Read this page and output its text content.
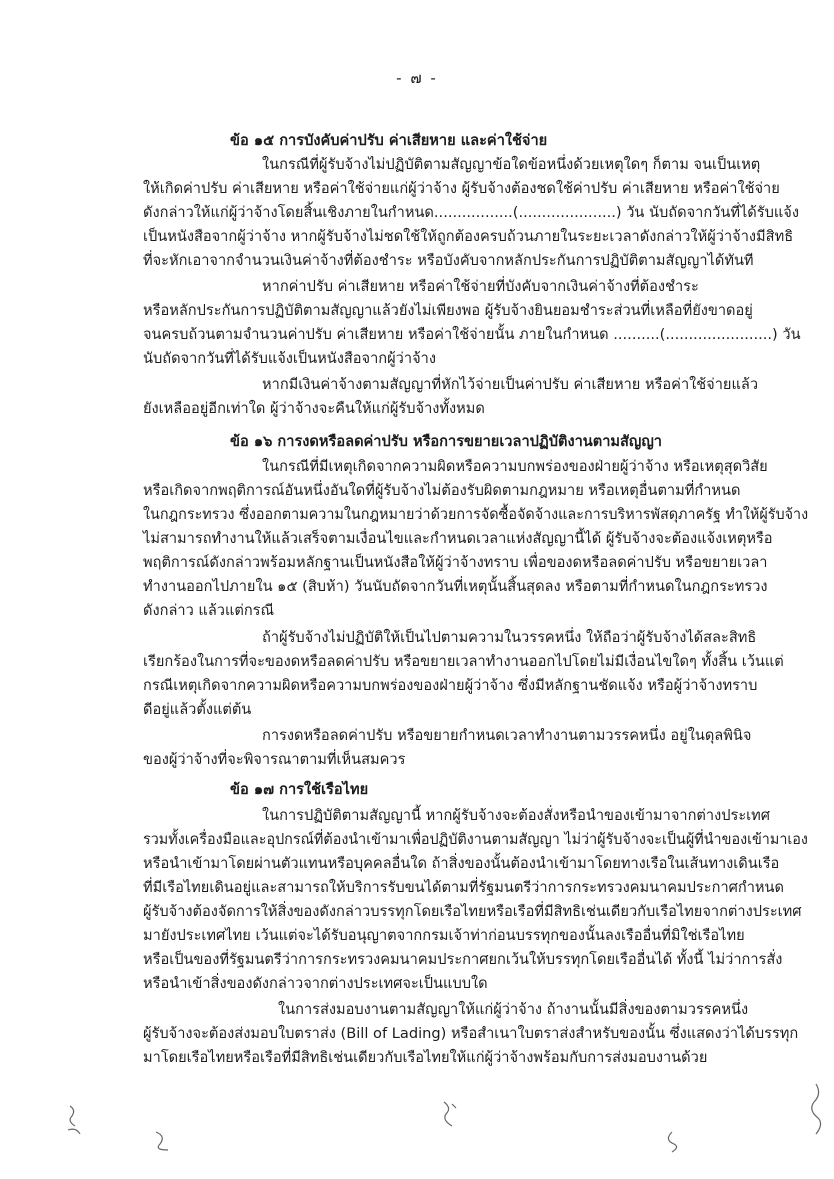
- ๗ -
ข้อ ๑๕ การบังคับค่าปรับ ค่าเสียหาย และค่าใช้จ่าย
ในกรณีที่ผู้รับจ้างไม่ปฏิบัติตามสัญญาข้อใดข้อหนึ่งด้วยเหตุใดๆ ก็ตาม จนเป็นเหตุ
ให้เกิดค่าปรับ ค่าเสียหาย หรือค่าใช้จ่ายแก่ผู้ว่าจ้าง ผู้รับจ้างต้องชดใช้ค่าปรับ ค่าเสียหาย หรือค่าใช้จ่าย
ดังกล่าวให้แก่ผู้ว่าจ้างโดยสิ้นเชิงภายในกำหนด.................(.....................) วัน นับถัดจากวันที่ได้รับแจ้ง
เป็นหนังสือจากผู้ว่าจ้าง หากผู้รับจ้างไม่ชดใช้ให้ถูกต้องครบถ้วนภายในระยะเวลาดังกล่าวให้ผู้ว่าจ้างมีสิทธิ
ที่จะหักเอาจากจำนวนเงินค่าจ้างที่ต้องชำระ หรือบังคับจากหลักประกันการปฏิบัติตามสัญญาได้ทันที
หากค่าปรับ ค่าเสียหาย หรือค่าใช้จ่ายที่บังคับจากเงินค่าจ้างที่ต้องชำระ
หรือหลักประกันการปฏิบัติตามสัญญาแล้วยังไม่เพียงพอ ผู้รับจ้างยินยอมชำระส่วนที่เหลือที่ยังขาดอยู่
จนครบถ้วนตามจำนวนค่าปรับ ค่าเสียหาย หรือค่าใช้จ่ายนั้น ภายในกำหนด ..........(.......................) วัน
นับถัดจากวันที่ได้รับแจ้งเป็นหนังสือจากผู้ว่าจ้าง
หากมีเงินค่าจ้างตามสัญญาที่หักไว้จ่ายเป็นค่าปรับ ค่าเสียหาย หรือค่าใช้จ่ายแล้ว
ยังเหลืออยู่อีกเท่าใด ผู้ว่าจ้างจะคืนให้แก่ผู้รับจ้างทั้งหมด
ข้อ ๑๖ การงดหรือลดค่าปรับ หรือการขยายเวลาปฏิบัติงานตามสัญญา
ในกรณีที่มีเหตุเกิดจากความผิดหรือความบกพร่องของฝ่ายผู้ว่าจ้าง หรือเหตุสุดวิสัย
หรือเกิดจากพฤติการณ์อันหนึ่งอันใดที่ผู้รับจ้างไม่ต้องรับผิดตามกฎหมาย หรือเหตุอื่นตามที่กำหนด
ในกฎกระทรวง ซึ่งออกตามความในกฎหมายว่าด้วยการจัดซื้อจัดจ้างและการบริหารพัสดุภาครัฐ ทำให้ผู้รับจ้าง
ไม่สามารถทำงานให้แล้วเสร็จตามเงื่อนไขและกำหนดเวลาแห่งสัญญานี้ได้ ผู้รับจ้างจะต้องแจ้งเหตุหรือ
พฤติการณ์ดังกล่าวพร้อมหลักฐานเป็นหนังสือให้ผู้ว่าจ้างทราบ เพื่อของดหรือลดค่าปรับ หรือขยายเวลา
ทำงานออกไปภายใน ๑๕ (สิบห้า) วันนับถัดจากวันที่เหตุนั้นสิ้นสุดลง หรือตามที่กำหนดในกฎกระทรวง
ดังกล่าว แล้วแต่กรณี
ถ้าผู้รับจ้างไม่ปฏิบัติให้เป็นไปตามความในวรรคหนึ่ง ให้ถือว่าผู้รับจ้างได้สละสิทธิ
เรียกร้องในการที่จะของดหรือลดค่าปรับ หรือขยายเวลาทำงานออกไปโดยไม่มีเงื่อนไขใดๆ ทั้งสิ้น เว้นแต่
กรณีเหตุเกิดจากความผิดหรือความบกพร่องของฝ่ายผู้ว่าจ้าง ซึ่งมีหลักฐานชัดแจ้ง หรือผู้ว่าจ้างทราบ
ดีอยู่แล้วตั้งแต่ต้น
การงดหรือลดค่าปรับ หรือขยายกำหนดเวลาทำงานตามวรรคหนึ่ง อยู่ในดุลพินิจ
ของผู้ว่าจ้างที่จะพิจารณาตามที่เห็นสมควร
ข้อ ๑๗ การใช้เรือไทย
ในการปฏิบัติตามสัญญานี้ หากผู้รับจ้างจะต้องสั่งหรือนำของเข้ามาจากต่างประเทศ
รวมทั้งเครื่องมือและอุปกรณ์ที่ต้องนำเข้ามาเพื่อปฏิบัติงานตามสัญญา ไม่ว่าผู้รับจ้างจะเป็นผู้ที่นำของเข้ามาเอง
หรือนำเข้ามาโดยผ่านตัวแทนหรือบุคคลอื่นใด ถ้าสิ่งของนั้นต้องนำเข้ามาโดยทางเรือในเส้นทางเดินเรือ
ที่มีเรือไทยเดินอยู่และสามารถให้บริการรับขนได้ตามที่รัฐมนตรีว่าการกระทรวงคมนาคมประกาศกำหนด
ผู้รับจ้างต้องจัดการให้สิ่งของดังกล่าวบรรทุกโดยเรือไทยหรือเรือที่มีสิทธิเช่นเดียวกับเรือไทยจากต่างประเทศ
มายังประเทศไทย เว้นแต่จะได้รับอนุญาตจากกรมเจ้าท่าก่อนบรรทุกของนั้นลงเรืออื่นที่มิใช่เรือไทย
หรือเป็นของที่รัฐมนตรีว่าการกระทรวงคมนาคมประกาศยกเว้นให้บรรทุกโดยเรืออื่นได้ ทั้งนี้ ไม่ว่าการสั่ง
หรือนำเข้าสิ่งของดังกล่าวจากต่างประเทศจะเป็นแบบใด
ในการส่งมอบงานตามสัญญาให้แก่ผู้ว่าจ้าง ถ้างานนั้นมีสิ่งของตามวรรคหนึ่ง
ผู้รับจ้างจะต้องส่งมอบใบตราส่ง (Bill of Lading) หรือสำเนาใบตราส่งสำหรับของนั้น ซึ่งแสดงว่าได้บรรทุก
มาโดยเรือไทยหรือเรือที่มีสิทธิเช่นเดียวกับเรือไทยให้แก่ผู้ว่าจ้างพร้อมกับการส่งมอบงานด้วย
